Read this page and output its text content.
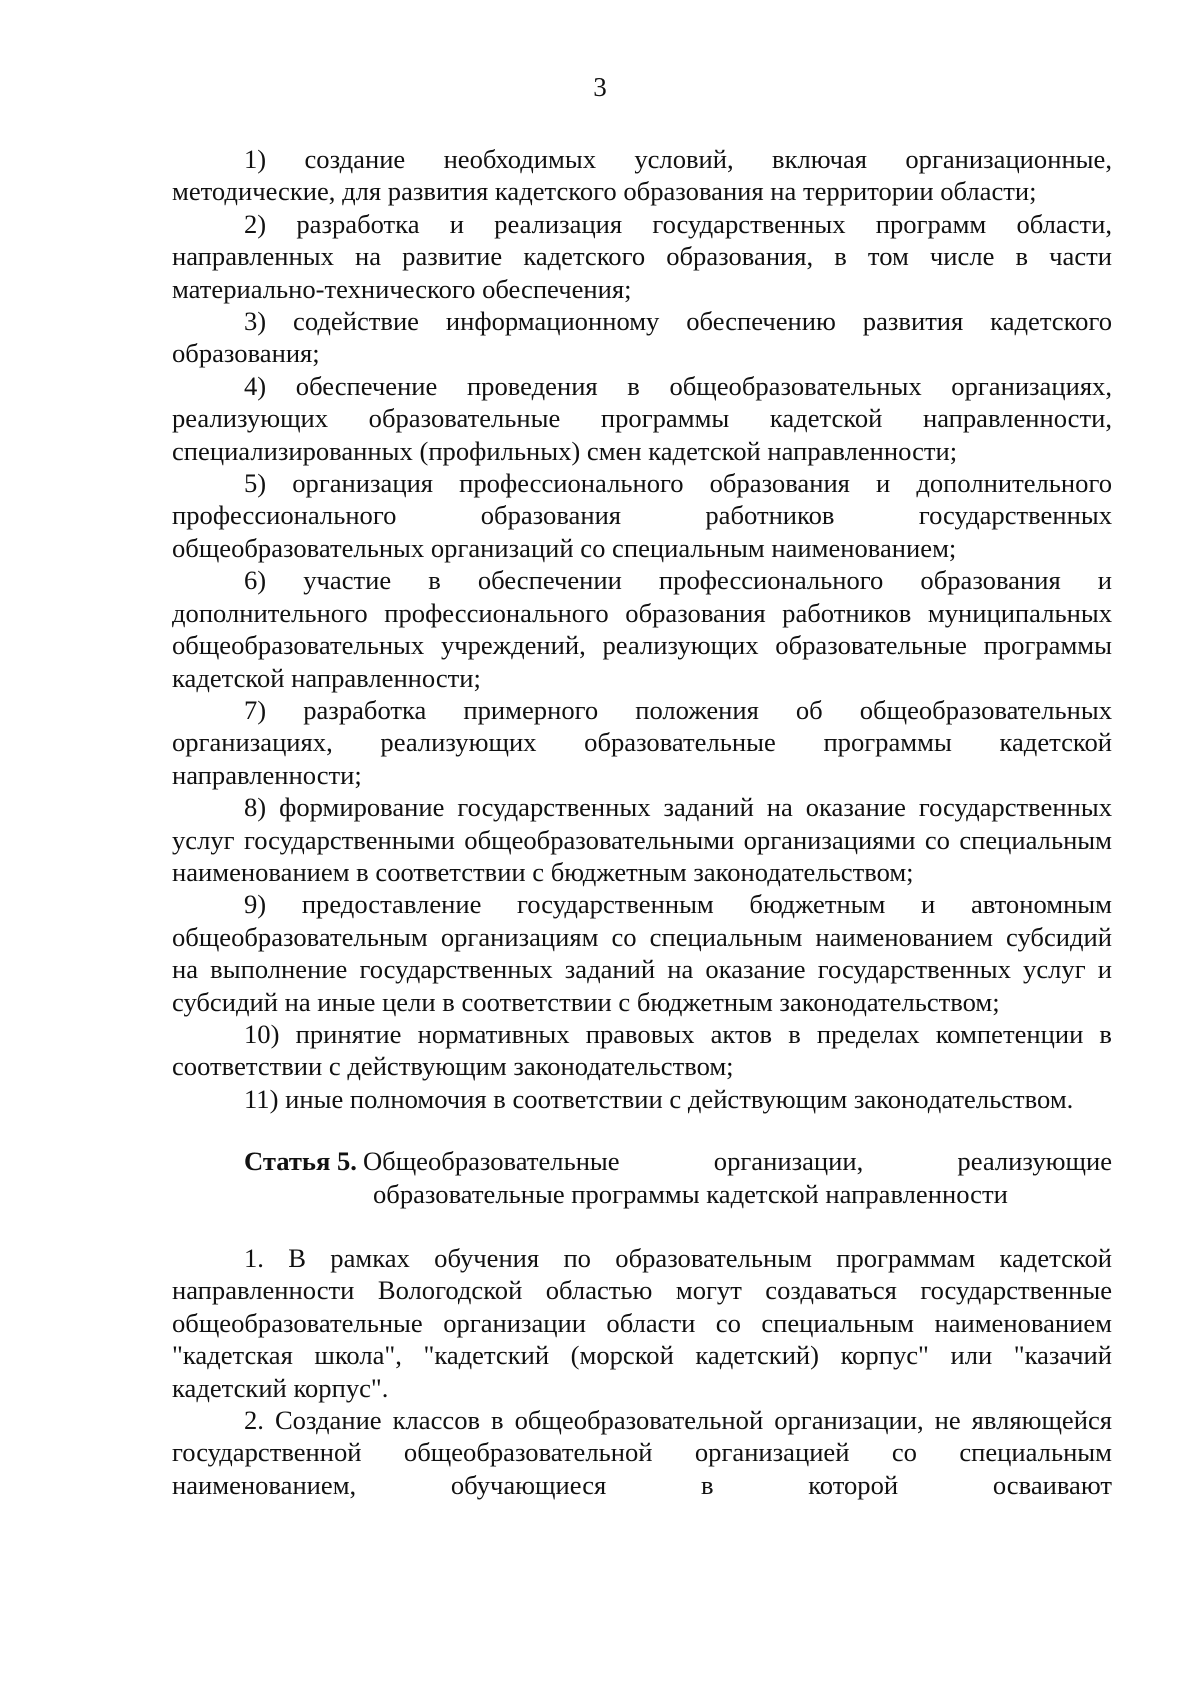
3

1) создание необходимых условий, включая организационные, методические, для развития кадетского образования на территории области;

2) разработка и реализация государственных программ области, направленных на развитие кадетского образования, в том числе в части материально-технического обеспечения;

3) содействие информационному обеспечению развития кадетского образования;

4) обеспечение проведения в общеобразовательных организациях, реализующих образовательные программы кадетской направленности, специализированных (профильных) смен кадетской направленности;

5) организация профессионального образования и дополнительного профессионального образования работников государственных общеобразовательных организаций со специальным наименованием;

6) участие в обеспечении профессионального образования и дополнительного профессионального образования работников муниципальных общеобразовательных учреждений, реализующих образовательные программы кадетской направленности;

7) разработка примерного положения об общеобразовательных организациях, реализующих образовательные программы кадетской направленности;

8) формирование государственных заданий на оказание государственных услуг государственными общеобразовательными организациями со специальным наименованием в соответствии с бюджетным законодательством;

9) предоставление государственным бюджетным и автономным общеобразовательным организациям со специальным наименованием субсидий на выполнение государственных заданий на оказание государственных услуг и субсидий на иные цели в соответствии с бюджетным законодательством;

10) принятие нормативных правовых актов в пределах компетенции в соответствии с действующим законодательством;

11) иные полномочия в соответствии с действующим законодательством.

Статья 5. Общеобразовательные организации, реализующие
образовательные программы кадетской направленности

1. В рамках обучения по образовательным программам кадетской направленности Вологодской областью могут создаваться государственные общеобразовательные организации области со специальным наименованием "кадетская школа", "кадетский (морской кадетский) корпус" или "казачий кадетский корпус".

2. Создание классов в общеобразовательной организации, не являющейся государственной общеобразовательной организацией со специальным наименованием, обучающиеся в которой осваивают
